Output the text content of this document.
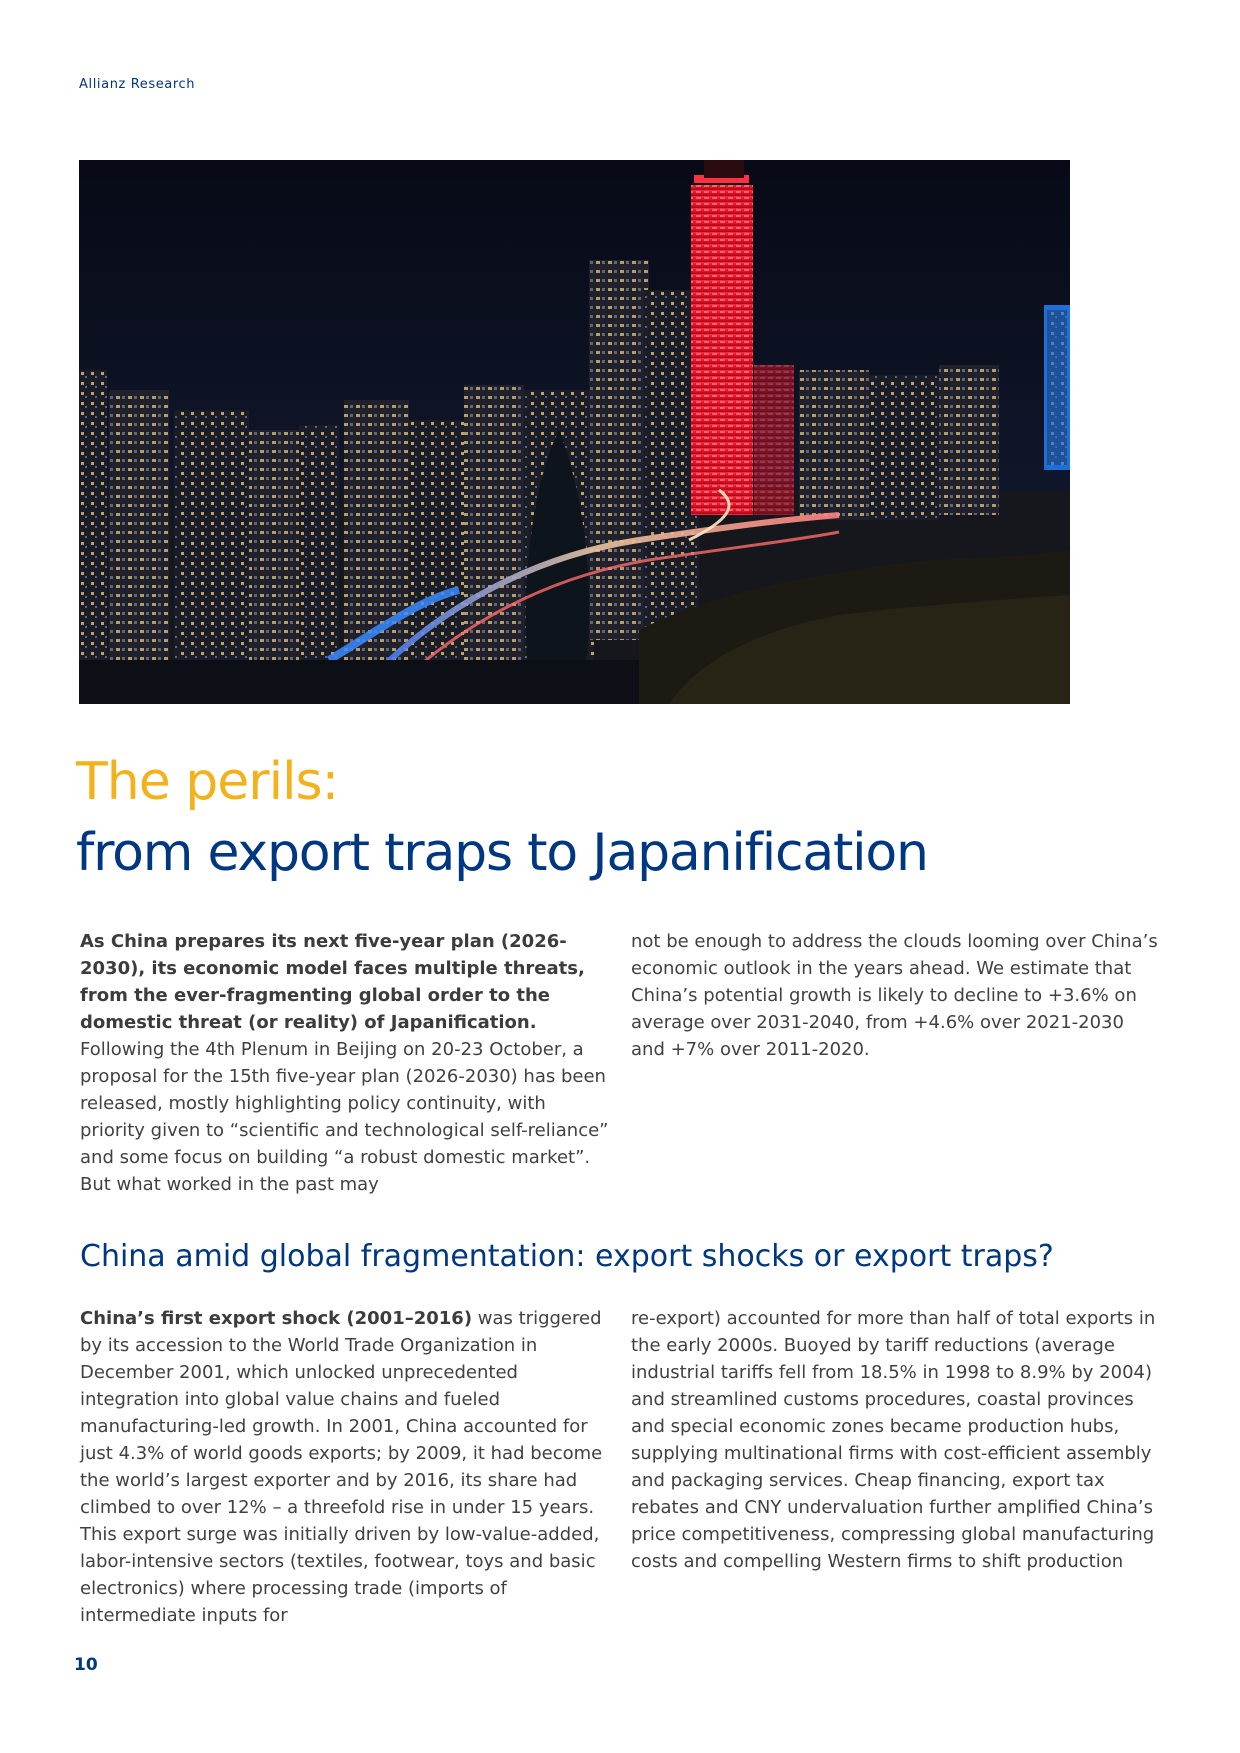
Allianz Research
The perils:
from export traps to Japanification

As China prepares its next five-year plan (2026-2030), its economic model faces multiple threats, from the ever-fragmenting global order to the domestic threat (or reality) of Japanification. Following the 4th Plenum in Beijing on 20-23 October, a proposal for the 15th five-year plan (2026-2030) has been released, mostly highlighting policy continuity, with priority given to “scientific and technological self-reliance” and some focus on building “a robust domestic market”. But what worked in the past may

not be enough to address the clouds looming over China’s economic outlook in the years ahead. We estimate that China’s potential growth is likely to decline to +3.6% on average over 2031-2040, from +4.6% over 2021-2030 and +7% over 2011-2020.

China amid global fragmentation: export shocks or export traps?

China’s first export shock (2001–2016) was triggered by its accession to the World Trade Organization in December 2001, which unlocked unprecedented integration into global value chains and fueled manufacturing-led growth. In 2001, China accounted for just 4.3% of world goods exports; by 2009, it had become the world’s largest exporter and by 2016, its share had climbed to over 12% – a threefold rise in under 15 years. This export surge was initially driven by low-value-added, labor-intensive sectors (textiles, footwear, toys and basic electronics) where processing trade (imports of intermediate inputs for

re-export) accounted for more than half of total exports in the early 2000s. Buoyed by tariff reductions (average industrial tariffs fell from 18.5% in 1998 to 8.9% by 2004) and streamlined customs procedures, coastal provinces and special economic zones became production hubs, supplying multinational firms with cost-efficient assembly and packaging services. Cheap financing, export tax rebates and CNY undervaluation further amplified China’s price competitiveness, compressing global manufacturing costs and compelling Western firms to shift production

10
